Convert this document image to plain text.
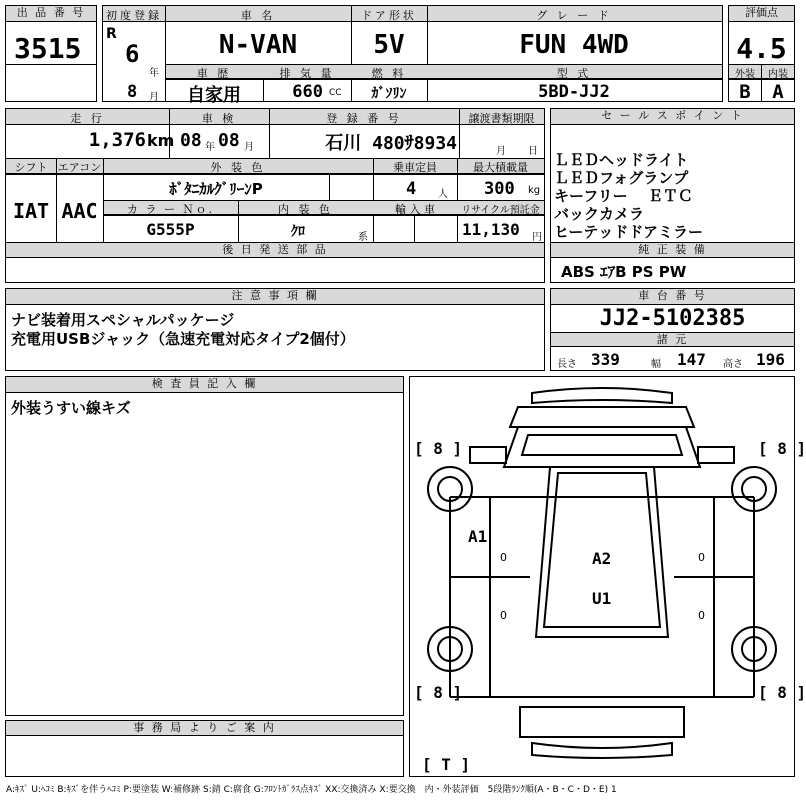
出 品 番 号
3515
初度登録	車 名	ドア形状	グ レ ー ド
R
6
年
8 月
N-VAN	5V	FUN 4WD
車 歴	排 気 量	燃 料	型 式
自家用	660 CC	ｶﾞｿﾘﾝ	5BD-JJ2
評価点
4.5
外装	内装
B	A
走 行	車 検	登 録 番 号	譲渡書類期限
1,376 km 08 年 08 月	石川 480ｻ8934	月 日
シフト エアコン	外 装 色	乗車定員	最大積載量
IAT AAC
ﾎﾞﾀﾆｶﾙｸﾞﾘｰﾝP	4 人 300 kg
カ ラ ー Ｎｏ.	内 装 色	輸 入 車	リサイクル預託金
G555P	ｸﾛ	系	11,130 円
後 日 発 送 部 品
セ ー ル ス ポ イ ン ト
ＬＥＤヘッドライト
ＬＥＤフォグランプ
キーフリー　 ＥＴＣ
バックカメラ
ヒーテッドドアミラー
純 正 装 備
ABS ｴｱB PS PW
注 意 事 項 欄
ナビ装着用スペシャルパッケージ
充電用USBジャック（急速充電対応タイプ2個付）
車 台 番 号
JJ2-5102385
諸 元
長さ 339	幅 147 高さ 196
検 査 員 記 入 欄
外装うすい線キズ
事 務 局 よ り ご 案 内
[ 8 ]	[ 8 ]
[ 8 ]	[ 8 ]
[ T ]
A1
A2
U1
0	0
0	0
A:ｷｽﾞ U:ﾍｺﾐ B:ｷｽﾞを伴うﾍｺﾐ P:要塗装 W:補修跡 S:錆 C:腐食 G:ﾌﾛﾝﾄｶﾞﾗｽ点ｷｽﾞ XX:交換済み X:要交換　内・外装評価　5段階ﾗﾝｸ順(A・B・C・D・E) 1
